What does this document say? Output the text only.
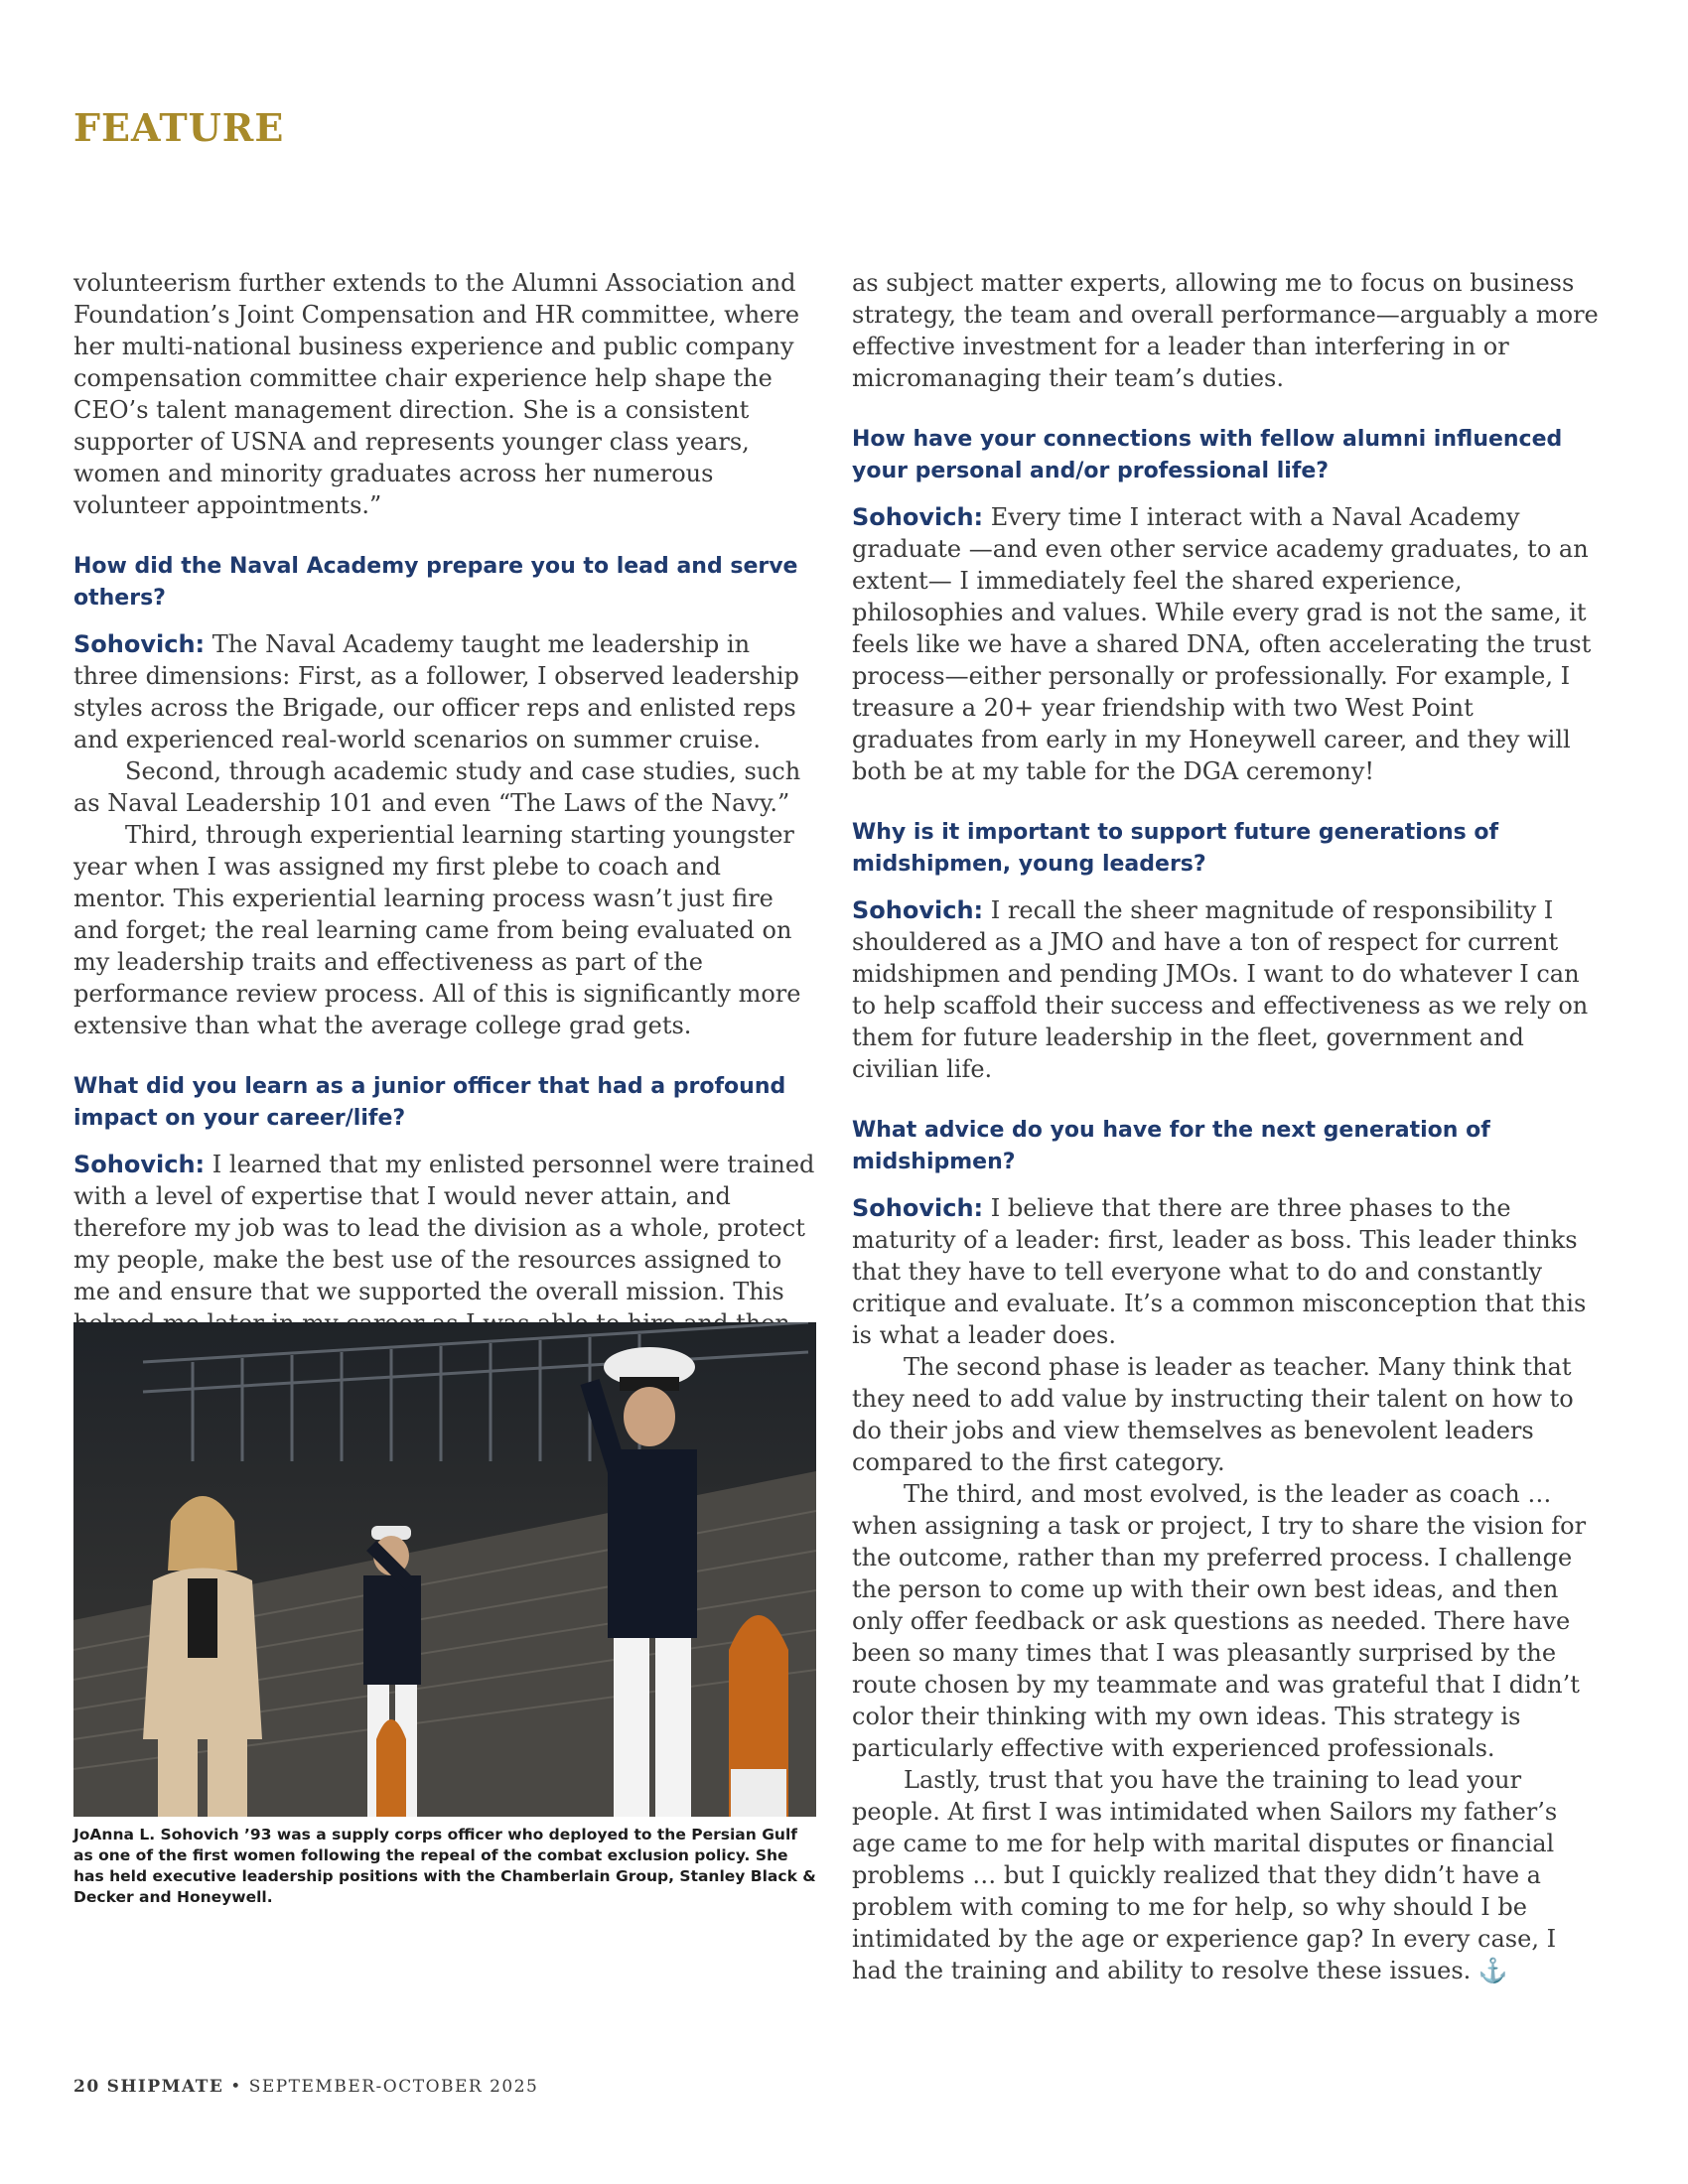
FEATURE

volunteerism further extends to the Alumni Association and Foundation’s Joint Compensation and HR committee, where her multi-national business experience and public company compensation committee chair experience help shape the CEO’s talent management direction. She is a consistent supporter of USNA and represents younger class years, women and minority graduates across her numerous volunteer appointments.”

How did the Naval Academy prepare you to lead and serve others?

Sohovich: The Naval Academy taught me leadership in three dimensions: First, as a follower, I observed leadership styles across the Brigade, our officer reps and enlisted reps and experienced real-world scenarios on summer cruise.

Second, through academic study and case studies, such as Naval Leadership 101 and even “The Laws of the Navy.”

Third, through experiential learning starting youngster year when I was assigned my first plebe to coach and mentor. This experiential learning process wasn’t just fire and forget; the real learning came from being evaluated on my leadership traits and effectiveness as part of the performance review process. All of this is significantly more extensive than what the average college grad gets.

What did you learn as a junior officer that had a profound impact on your career/life?

Sohovich: I learned that my enlisted personnel were trained with a level of expertise that I would never attain, and therefore my job was to lead the division as a whole, protect my people, make the best use of the resources assigned to me and ensure that we supported the overall mission. This

JoAnna L. Sohovich ’93 was a supply corps officer who deployed to the Persian Gulf as one of the first women following the repeal of the combat exclusion policy. She has held executive leadership positions with the Chamberlain Group, Stanley Black & Decker and Honeywell.

as subject matter experts, allowing me to focus on business strategy, the team and overall performance—arguably a more effective investment for a leader than interfering in or micromanaging their team’s duties.

How have your connections with fellow alumni influenced your personal and/or professional life?

Sohovich: Every time I interact with a Naval Academy graduate —and even other service academy graduates, to an extent— I immediately feel the shared experience, philosophies and values. While every grad is not the same, it feels like we have a shared DNA, often accelerating the trust process—either personally or professionally. For example, I treasure a 20+ year friendship with two West Point graduates from early in my Honeywell career, and they will both be at my table for the DGA ceremony!

Why is it important to support future generations of midshipmen, young leaders?

Sohovich: I recall the sheer magnitude of responsibility I shouldered as a JMO and have a ton of respect for current midshipmen and pending JMOs. I want to do whatever I can to help scaffold their success and effectiveness as we rely on them for future leadership in the fleet, government and civilian life.

What advice do you have for the next generation of midshipmen?

Sohovich: I believe that there are three phases to the maturity of a leader: first, leader as boss. This leader thinks that they have to tell everyone what to do and constantly critique and evaluate. It’s a common misconception that this is what a leader does.

The second phase is leader as teacher. Many think that they need to add value by instructing their talent on how to do their jobs and view themselves as benevolent leaders compared to the first category.

The third, and most evolved, is the leader as coach … when assigning a task or project, I try to share the vision for the outcome, rather than my preferred process. I challenge the person to come up with their own best ideas, and then only offer feedback or ask questions as needed. There have been so many times that I was pleasantly surprised by the route chosen by my teammate and was grateful that I didn’t color their thinking with my own ideas. This strategy is particularly effective with experienced professionals.

Lastly, trust that you have the training to lead your people. At first I was intimidated when Sailors my father’s age came to me for help with marital disputes or financial problems … but I quickly realized that they didn’t have a problem with coming to me for help, so why should I be intimidated by the age or experience gap? In every case, I had the training and ability to resolve these issues. ⚓

20 SHIPMATE • SEPTEMBER-OCTOBER 2025
